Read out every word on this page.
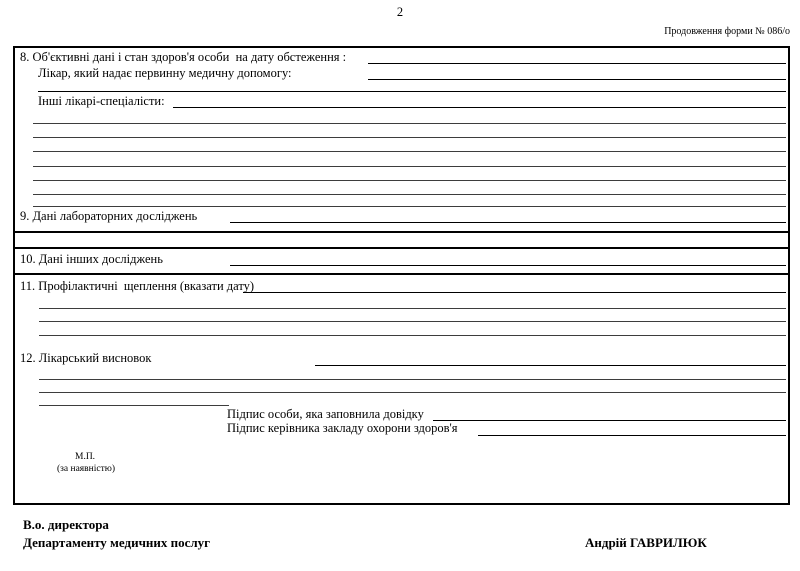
2
Продовження форми № 086/о
8. Об'єктивні дані і стан здоров'я особи  на дату обстеження :
Лікар, який надає первинну медичну допомогу:
Інші лікарі-спеціалісти:
9. Дані лабораторних досліджень
10. Дані інших досліджень
11. Профілактичні  щеплення (вказати дату)
12. Лікарський висновок
Підпис особи, яка заповнила довідку
Підпис керівника закладу охорони здоров'я
М.П.
(за наявністю)
В.о. директора
Департаменту медичних послуг	Андрій ГАВРИЛЮК
